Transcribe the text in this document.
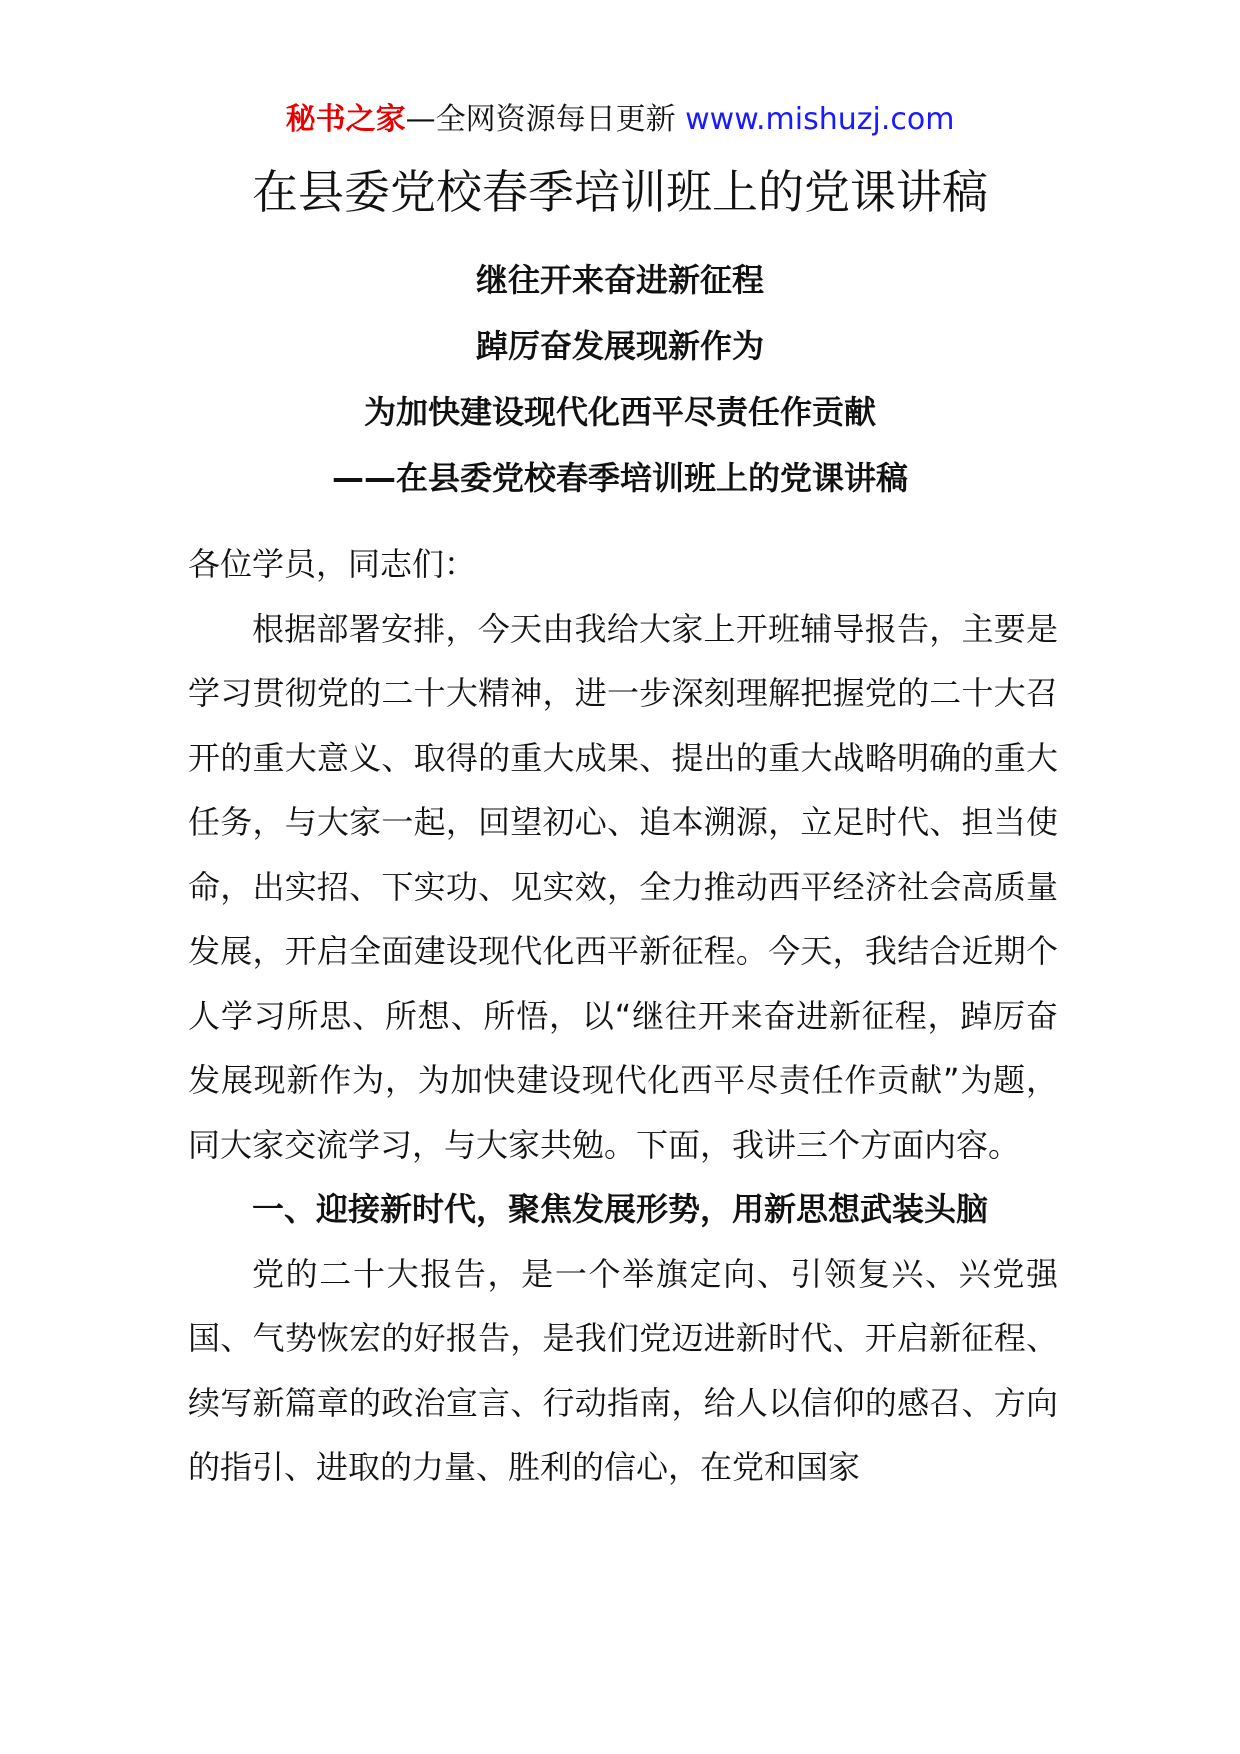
秘书之家—全网资源每日更新 www.mishuzj.com
在县委党校春季培训班上的党课讲稿
继往开来奋进新征程
踔厉奋发展现新作为
为加快建设现代化西平尽责任作贡献
——在县委党校春季培训班上的党课讲稿

各位学员，同志们：

根据部署安排，今天由我给大家上开班辅导报告，主要是学习贯彻党的二十大精神，进一步深刻理解把握党的二十大召开的重大意义、取得的重大成果、提出的重大战略明确的重大任务，与大家一起，回望初心、追本溯源，立足时代、担当使命，出实招、下实功、见实效，全力推动西平经济社会高质量发展，开启全面建设现代化西平新征程。今天，我结合近期个人学习所思、所想、所悟，以“继往开来奋进新征程，踔厉奋发展现新作为，为加快建设现代化西平尽责任作贡献”为题，同大家交流学习，与大家共勉。下面，我讲三个方面内容。

一、迎接新时代，聚焦发展形势，用新思想武装头脑

党的二十大报告，是一个举旗定向、引领复兴、兴党强国、气势恢宏的好报告，是我们党迈进新时代、开启新征程、续写新篇章的政治宣言、行动指南，给人以信仰的感召、方向的指引、进取的力量、胜利的信心，在党和国家
